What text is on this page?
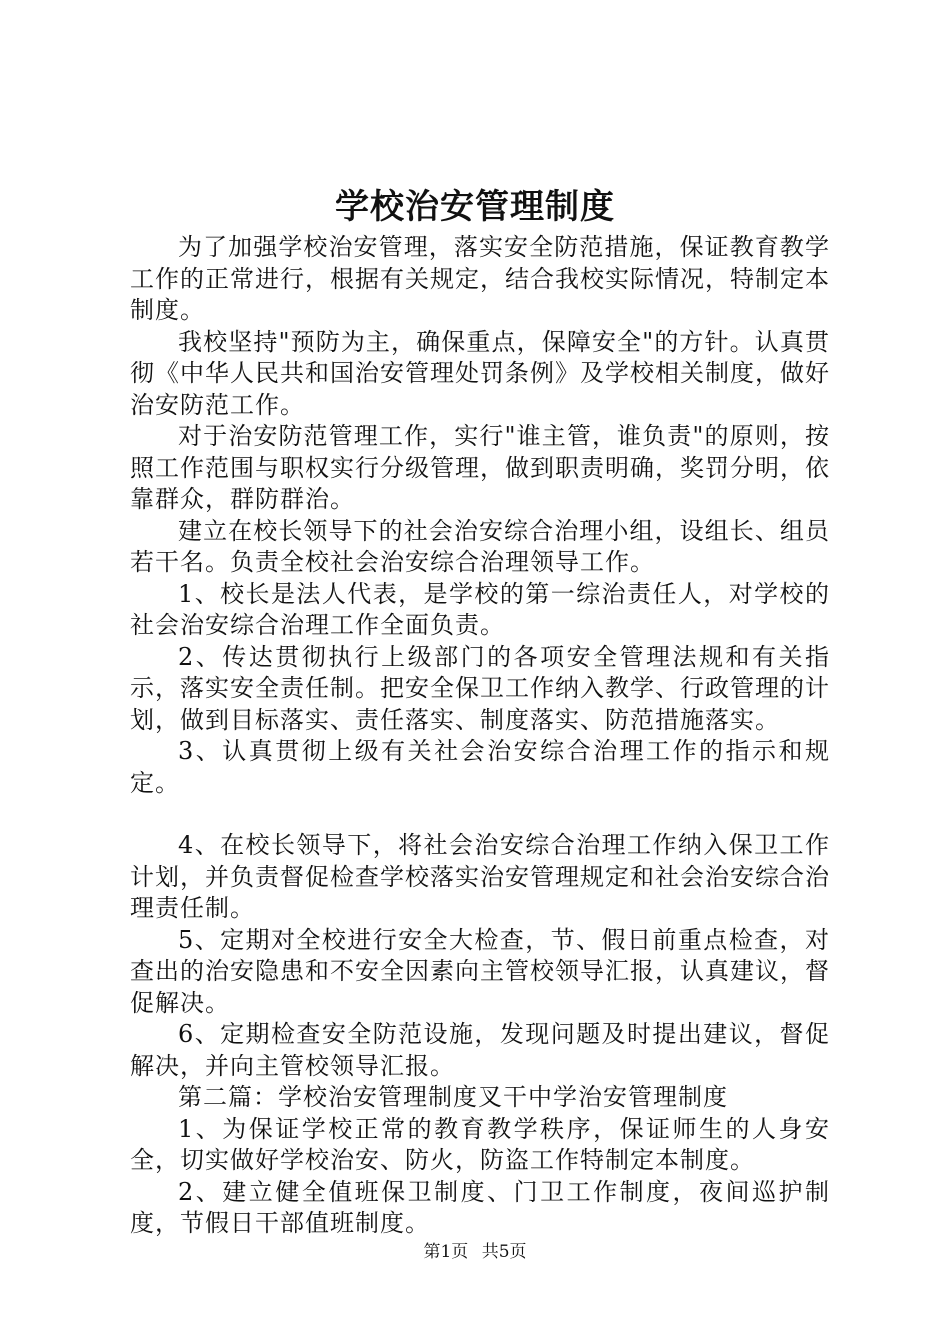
学校治安管理制度

为了加强学校治安管理，落实安全防范措施，保证教育教学工作的正常进行，根据有关规定，结合我校实际情况，特制定本制度。

我校坚持"预防为主，确保重点，保障安全"的方针。认真贯彻《中华人民共和国治安管理处罚条例》及学校相关制度，做好治安防范工作。

对于治安防范管理工作，实行"谁主管，谁负责"的原则，按照工作范围与职权实行分级管理，做到职责明确，奖罚分明，依靠群众，群防群治。

建立在校长领导下的社会治安综合治理小组，设组长、组员若干名。负责全校社会治安综合治理领导工作。

1、校长是法人代表，是学校的第一综治责任人，对学校的社会治安综合治理工作全面负责。

2、传达贯彻执行上级部门的各项安全管理法规和有关指示，落实安全责任制。把安全保卫工作纳入教学、行政管理的计划，做到目标落实、责任落实、制度落实、防范措施落实。

3、认真贯彻上级有关社会治安综合治理工作的指示和规定。

4、在校长领导下，将社会治安综合治理工作纳入保卫工作计划，并负责督促检查学校落实治安管理规定和社会治安综合治理责任制。

5、定期对全校进行安全大检查，节、假日前重点检查，对查出的治安隐患和不安全因素向主管校领导汇报，认真建议，督促解决。

6、定期检查安全防范设施，发现问题及时提出建议，督促解决，并向主管校领导汇报。

第二篇：学校治安管理制度叉干中学治安管理制度

1、为保证学校正常的教育教学秩序，保证师生的人身安全，切实做好学校治安、防火，防盗工作特制定本制度。

2、建立健全值班保卫制度、门卫工作制度，夜间巡护制度，节假日干部值班制度。

第1页 共5页
